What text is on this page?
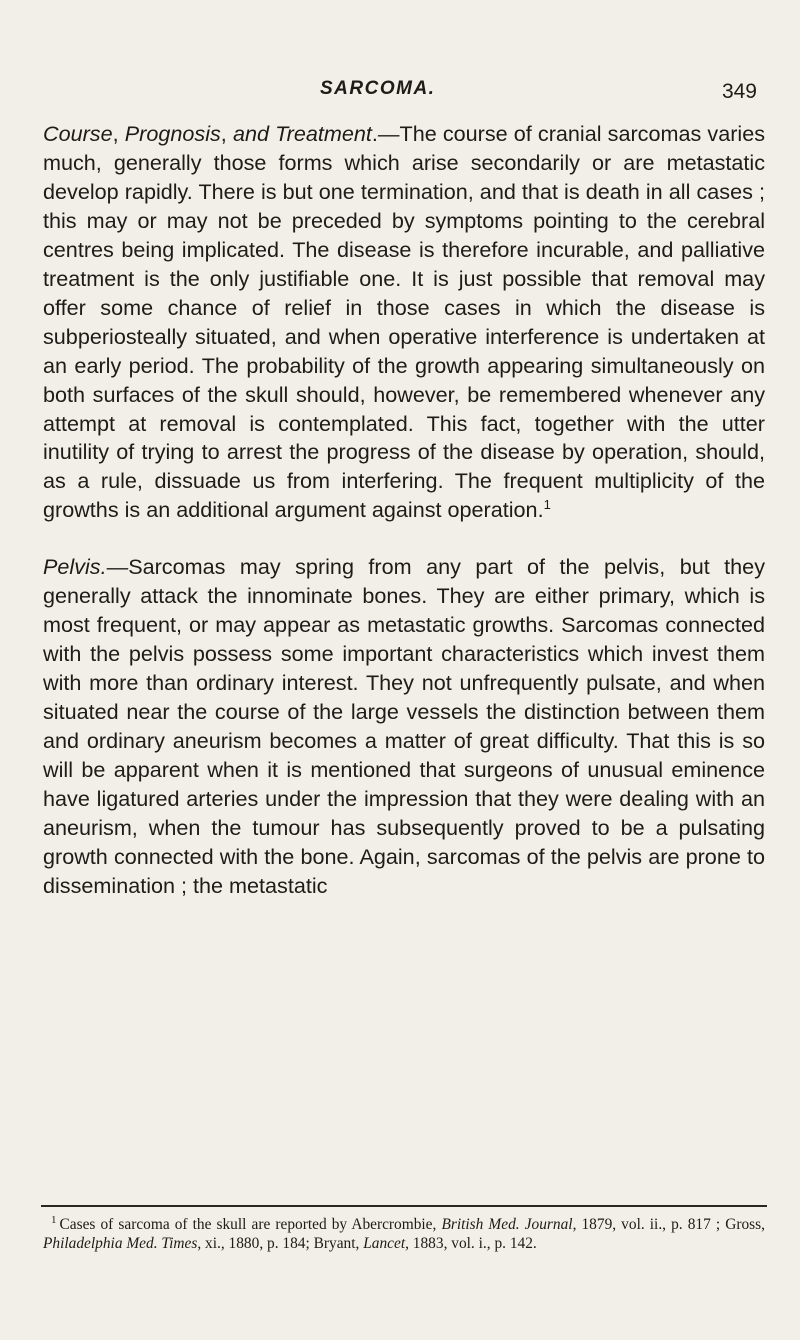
SARCOMA.	349

Course, Prognosis, and Treatment.—The course of cranial sarcomas varies much, generally those forms which arise secondarily or are metastatic develop rapidly. There is but one termination, and that is death in all cases ; this may or may not be preceded by symptoms pointing to the cerebral centres being implicated. The disease is therefore incurable, and palliative treatment is the only justifiable one. It is just possible that removal may offer some chance of relief in those cases in which the disease is subperiosteally situated, and when operative interference is undertaken at an early period. The probability of the growth appearing simultaneously on both surfaces of the skull should, however, be remembered whenever any attempt at removal is contemplated. This fact, together with the utter inutility of trying to arrest the progress of the disease by operation, should, as a rule, dissuade us from interfering. The frequent multiplicity of the growths is an additional argument against operation.$^1$

Pelvis.—Sarcomas may spring from any part of the pelvis, but they generally attack the innominate bones. They are either primary, which is most frequent, or may appear as metastatic growths. Sarcomas connected with the pelvis possess some important characteristics which invest them with more than ordinary interest. They not unfrequently pulsate, and when situated near the course of the large vessels the distinction between them and ordinary aneurism becomes a matter of great difficulty. That this is so will be apparent when it is mentioned that surgeons of unusual eminence have ligatured arteries under the impression that they were dealing with an aneurism, when the tumour has subsequently proved to be a pulsating growth connected with the bone. Again, sarcomas of the pelvis are prone to dissemination ; the metastatic

$^1$ Cases of sarcoma of the skull are reported by Abercrombie, British Med. Journal, 1879, vol. ii., p. 817 ; Gross, Philadelphia Med. Times, xi., 1880, p. 184; Bryant, Lancet, 1883, vol. i., p. 142.
